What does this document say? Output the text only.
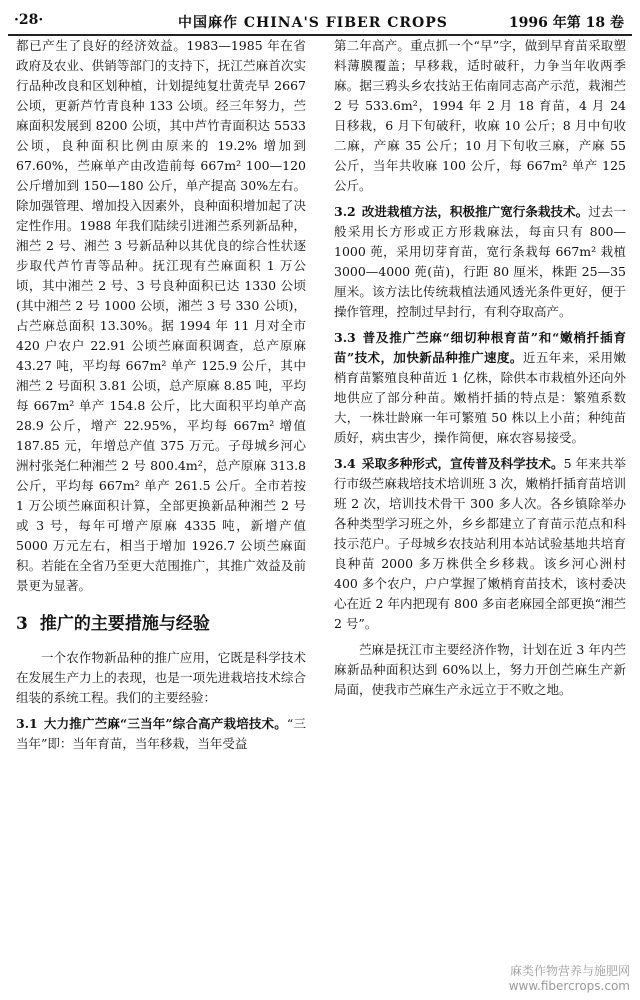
·28·	中国麻作 CHINA'S FIBER CROPS	1996 年第 18 卷

都已产生了良好的经济效益。1983—1985 年在省政府及农业、供销等部门的支持下，抚江苎麻首次实行品种改良和区划种植，计划提纯复壮黄壳早 2667 公顷，更新芦竹青良种 133 公顷。经三年努力，苎麻面积发展到 8200 公顷，其中芦竹青面积达 5533 公顷，良种面积比例由原来的 19.2% 增加到 67.60%，苎麻单产由改造前每 667m² 100—120 公斤增加到 150—180 公斤，单产提高 30%左右。除加强管理、增加投入因素外，良种面积增加起了决定性作用。1988 年我们陆续引进湘苎系列新品种，湘苎 2 号、湘苎 3 号新品种以其优良的综合性状逐步取代芦竹青等品种。抚江现有苎麻面积 1 万公顷，其中湘苎 2 号、3 号良种面积已达 1330 公顷(其中湘苎 2 号 1000 公顷，湘苎 3 号 330 公顷)，占苎麻总面积 13.30%。据 1994 年 11 月对全市 420 户农户 22.91 公顷苎麻面积调查，总产原麻 43.27 吨，平均每 667m² 单产 125.9 公斤，其中湘苎 2 号面积 3.81 公顷，总产原麻 8.85 吨，平均每 667m² 单产 154.8 公斤，比大面积平均单产高 28.9 公斤，增产 22.95%，平均每 667m² 增值 187.85 元，年增总产值 375 万元。子母城乡河心洲村张尧仁种湘苎 2 号 800.4m²，总产原麻 313.8 公斤，平均每 667m² 单产 261.5 公斤。全市若按 1 万公顷苎麻面积计算，全部更换新品种湘苎 2 号或 3 号，每年可增产原麻 4335 吨，新增产值 5000 万元左右，相当于增加 1926.7 公顷苎麻面积。若能在全省乃至更大范围推广，其推广效益及前景更为显著。

3 推广的主要措施与经验

一个农作物新品种的推广应用，它既是科学技术在发展生产力上的表现，也是一项先进栽培技术综合组装的系统工程。我们的主要经验：

3.1 大力推广苎麻“三当年”综合高产栽培技术。“三当年”即：当年育苗，当年移栽，当年受益

第二年高产。重点抓一个“早”字，做到早育苗采取塑料薄膜覆盖；早移栽，适时破秆，力争当年收两季麻。据三鸦头乡农技站王佑南同志高产示范，栽湘苎 2 号 533.6m²，1994 年 2 月 18 育苗，4 月 24 日移栽，6 月下旬破秆，收麻 10 公斤；8 月中旬收二麻，产麻 35 公斤；10 月下旬收三麻，产麻 55 公斤，当年共收麻 100 公斤，每 667m² 单产 125 公斤。

3.2 改进栽植方法，积极推广宽行条栽技术。过去一般采用长方形或正方形栽麻法，每亩只有 800—1000 蔸，采用切芽育苗，宽行条栽每 667m² 栽植 3000—4000 蔸(苗)，行距 80 厘米，株距 25—35 厘米。该方法比传统栽植法通风透光条件更好，便于操作管理，控制过早封行，有利夺取高产。

3.3 普及推广苎麻“细切种根育苗”和“嫩梢扦插育苗”技术，加快新品种推广速度。近五年来，采用嫩梢育苗繁殖良种苗近 1 亿株，除供本市栽植外还向外地供应了部分种苗。嫩梢扦插的特点是：繁殖系数大，一株壮龄麻一年可繁殖 50 株以上小苗；种纯苗质好，病虫害少，操作简便，麻农容易接受。

3.4 采取多种形式，宣传普及科学技术。5 年来共举行市级苎麻栽培技术培训班 3 次，嫩梢扦插育苗培训班 2 次，培训技术骨干 300 多人次。各乡镇除举办各种类型学习班之外，乡乡都建立了育苗示范点和科技示范户。子母城乡农技站利用本站试验基地共培育良种苗 2000 多万株供全乡移栽。该乡河心洲村 400 多个农户，户户掌握了嫩梢育苗技术，该村委决心在近 2 年内把现有 800 多亩老麻园全部更换“湘苎 2 号”。

苎麻是抚江市主要经济作物，计划在近 3 年内苎麻新品种面积达到 60%以上，努力开创苎麻生产新局面，使我市苎麻生产永远立于不败之地。

麻类作物营养与施肥网
www.fibercrops.com
